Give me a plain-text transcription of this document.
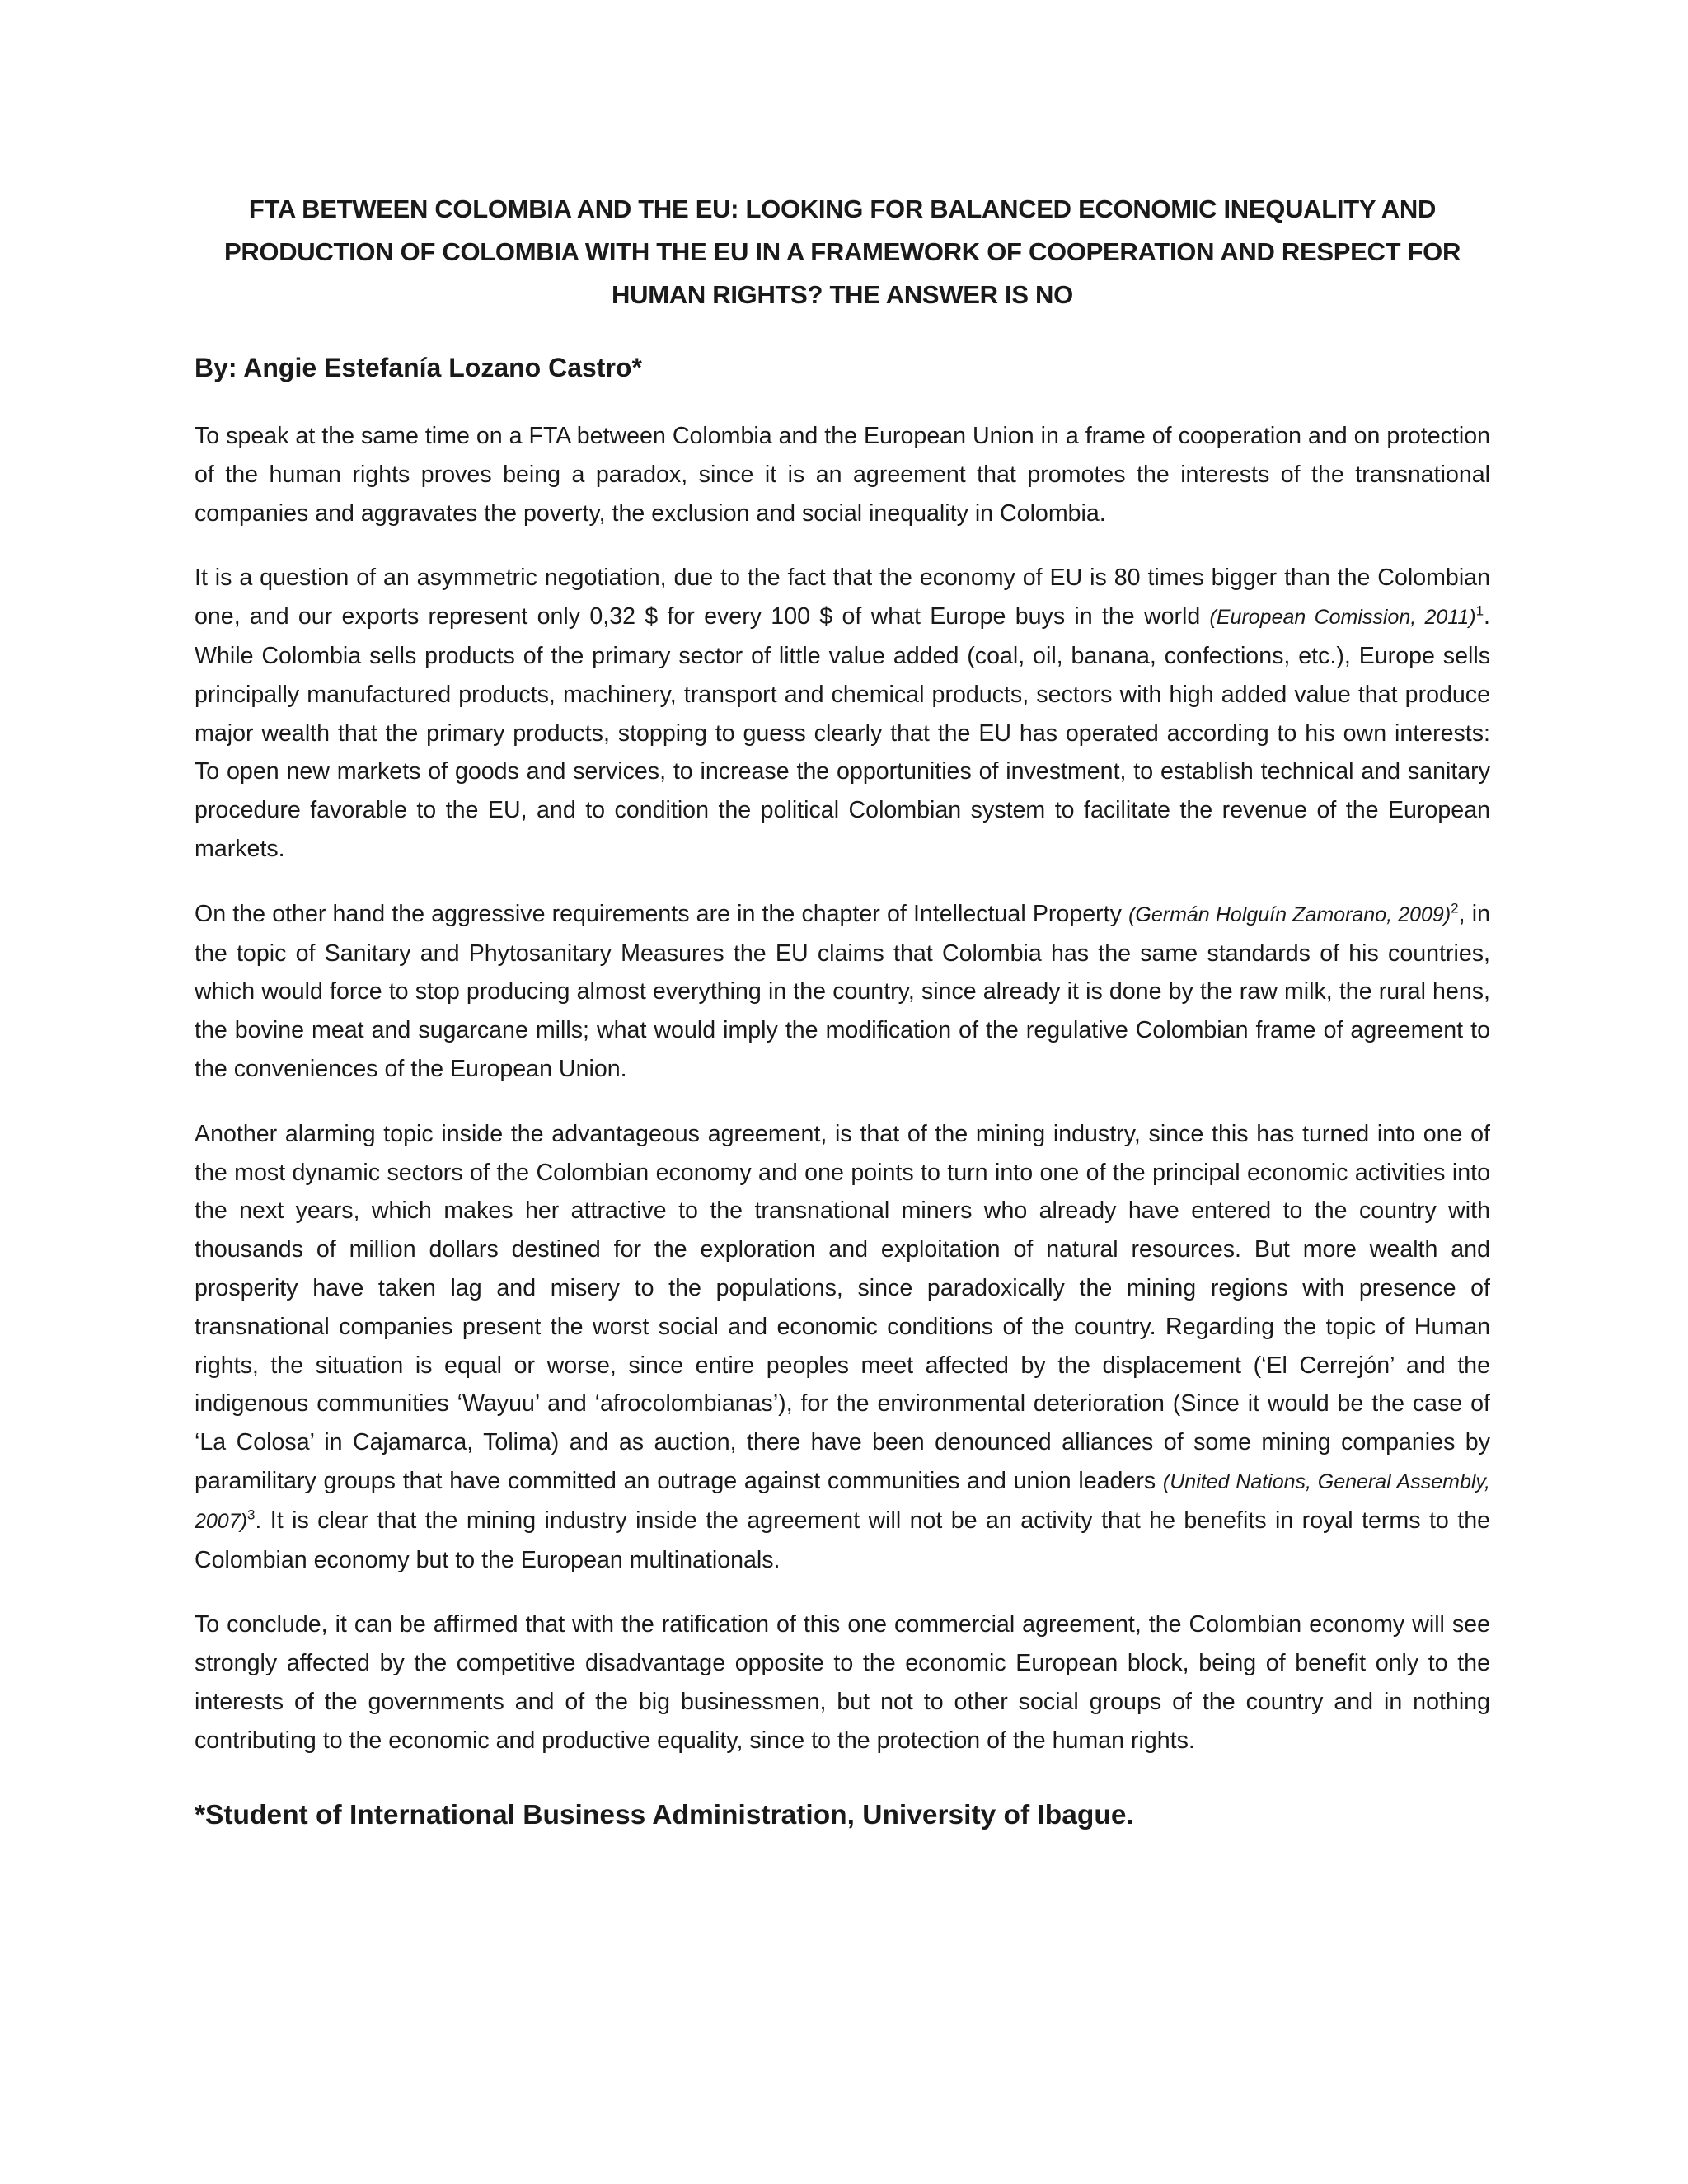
FTA BETWEEN COLOMBIA AND THE EU: LOOKING FOR BALANCED ECONOMIC INEQUALITY AND PRODUCTION OF COLOMBIA WITH THE EU IN A FRAMEWORK OF COOPERATION AND RESPECT FOR HUMAN RIGHTS? THE ANSWER IS NO
By: Angie Estefanía Lozano Castro*

To speak at the same time on a FTA between Colombia and the European Union in a frame of cooperation and on protection of the human rights proves being a paradox, since it is an agreement that promotes the interests of the transnational companies and aggravates the poverty, the exclusion and social inequality in Colombia.

It is a question of an asymmetric negotiation, due to the fact that the economy of EU is 80 times bigger than the Colombian one, and our exports represent only 0,32 $ for every 100 $ of what Europe buys in the world (European Comission, 2011)$^1$. While Colombia sells products of the primary sector of little value added (coal, oil, banana, confections, etc.), Europe sells principally manufactured products, machinery, transport and chemical products, sectors with high added value that produce major wealth that the primary products, stopping to guess clearly that the EU has operated according to his own interests: To open new markets of goods and services, to increase the opportunities of investment, to establish technical and sanitary procedure favorable to the EU, and to condition the political Colombian system to facilitate the revenue of the European markets.

On the other hand the aggressive requirements are in the chapter of Intellectual Property (Germán Holguín Zamorano, 2009)$^2$, in the topic of Sanitary and Phytosanitary Measures the EU claims that Colombia has the same standards of his countries, which would force to stop producing almost everything in the country, since already it is done by the raw milk, the rural hens, the bovine meat and sugarcane mills; what would imply the modification of the regulative Colombian frame of agreement to the conveniences of the European Union.

Another alarming topic inside the advantageous agreement, is that of the mining industry, since this has turned into one of the most dynamic sectors of the Colombian economy and one points to turn into one of the principal economic activities into the next years, which makes her attractive to the transnational miners who already have entered to the country with thousands of million dollars destined for the exploration and exploitation of natural resources. But more wealth and prosperity have taken lag and misery to the populations, since paradoxically the mining regions with presence of transnational companies present the worst social and economic conditions of the country. Regarding the topic of Human rights, the situation is equal or worse, since entire peoples meet affected by the displacement (‘El Cerrejón’ and the indigenous communities ‘Wayuu’ and ‘afrocolombianas’), for the environmental deterioration (Since it would be the case of ‘La Colosa’ in Cajamarca, Tolima) and as auction, there have been denounced alliances of some mining companies by paramilitary groups that have committed an outrage against communities and union leaders (United Nations, General Assembly, 2007)$^3$. It is clear that the mining industry inside the agreement will not be an activity that he benefits in royal terms to the Colombian economy but to the European multinationals.

To conclude, it can be affirmed that with the ratification of this one commercial agreement, the Colombian economy will see strongly affected by the competitive disadvantage opposite to the economic European block, being of benefit only to the interests of the governments and of the big businessmen, but not to other social groups of the country and in nothing contributing to the economic and productive equality, since to the protection of the human rights.

*Student of International Business Administration, University of Ibague.
